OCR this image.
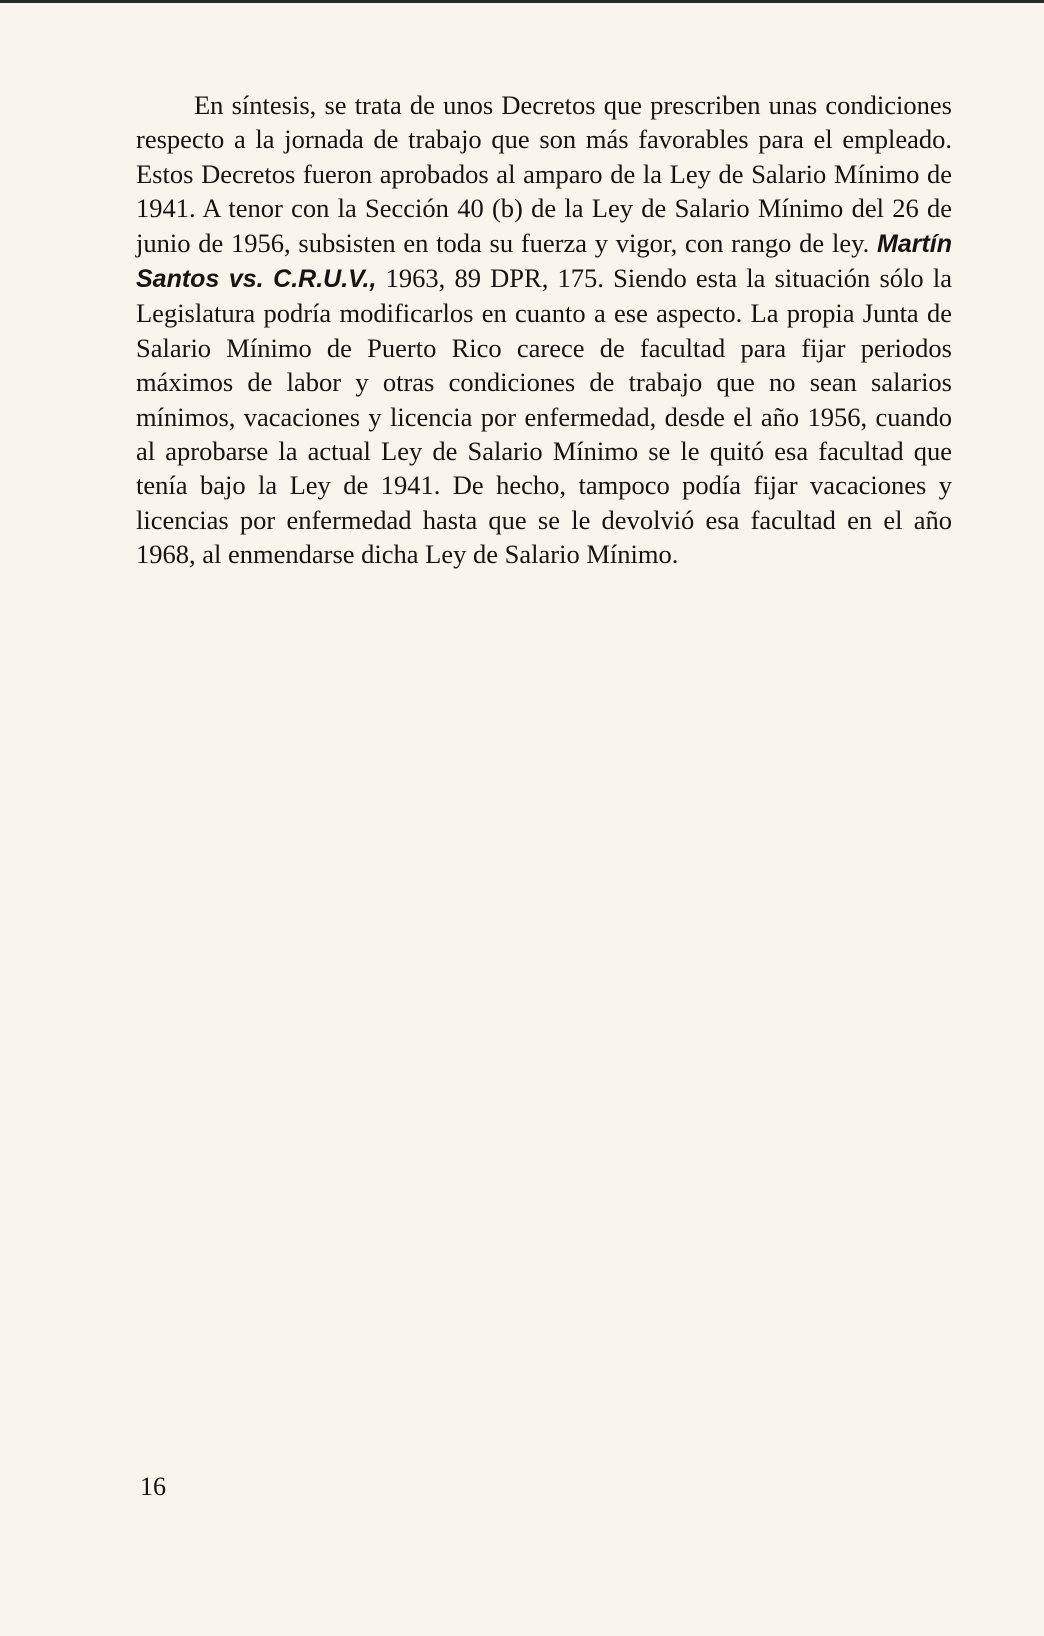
En síntesis, se trata de unos Decretos que prescriben unas condiciones respecto a la jornada de trabajo que son más favorables para el empleado. Estos Decretos fueron aprobados al amparo de la Ley de Salario Mínimo de 1941. A tenor con la Sección 40 (b) de la Ley de Salario Mínimo del 26 de junio de 1956, subsisten en toda su fuerza y vigor, con rango de ley. Martín Santos vs. C.R.U.V., 1963, 89 DPR, 175. Siendo esta la situación sólo la Legislatura podría modificarlos en cuanto a ese aspecto. La propia Junta de Salario Mínimo de Puerto Rico carece de facultad para fijar periodos máximos de labor y otras condiciones de trabajo que no sean salarios mínimos, vacaciones y licencia por enfermedad, desde el año 1956, cuando al aprobarse la actual Ley de Salario Mínimo se le quitó esa facultad que tenía bajo la Ley de 1941. De hecho, tampoco podía fijar vacaciones y licencias por enfermedad hasta que se le devolvió esa facultad en el año 1968, al enmendarse dicha Ley de Salario Mínimo.

16
